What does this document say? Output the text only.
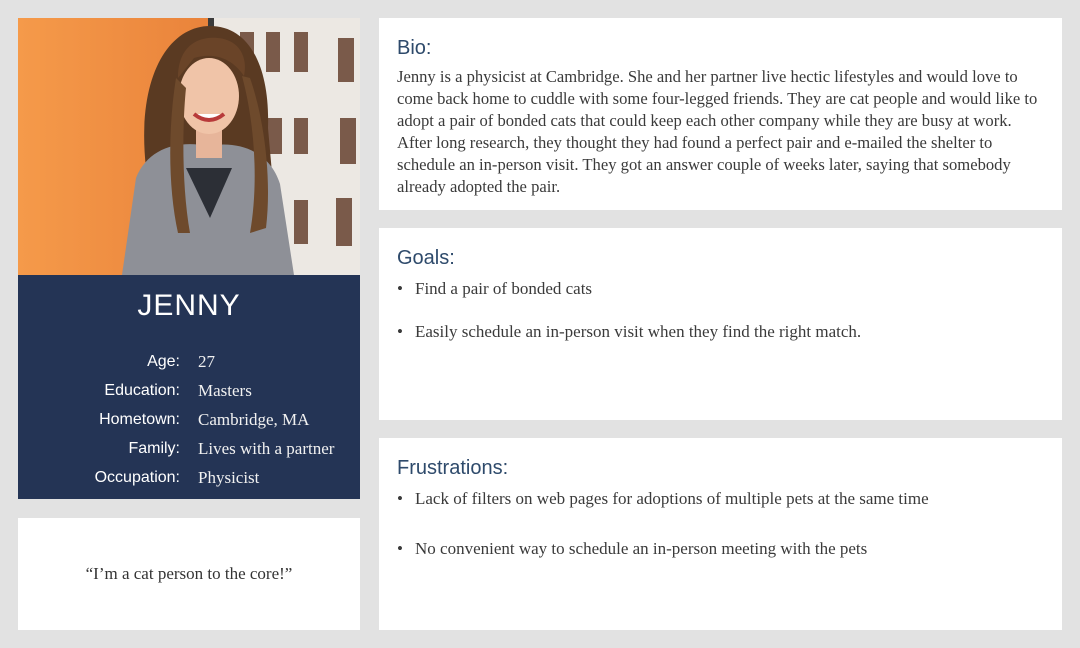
JENNY
Age: 27
Education: Masters
Hometown: Cambridge, MA
Family: Lives with a partner
Occupation: Physicist
“I’m a cat person to the core!”
Bio:
Jenny is a physicist at Cambridge. She and her partner live hectic lifestyles and would love to come back home to cuddle with some four-legged friends. They are cat people and would like to adopt a pair of bonded cats that could keep each other company while they are busy at work. After long research, they thought they had found a perfect pair and e-mailed the shelter to schedule an in-person visit. They got an answer couple of weeks later, saying that somebody already adopted the pair.
Goals:
• Find a pair of bonded cats
• Easily schedule an in-person visit when they find the right match.
Frustrations:
• Lack of filters on web pages for adoptions of multiple pets at the same time
• No convenient way to schedule an in-person meeting with the pets
